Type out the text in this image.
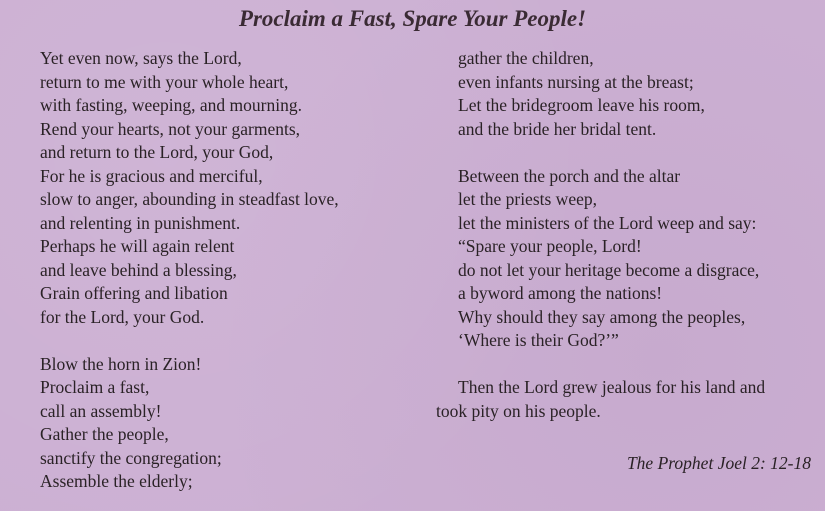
Proclaim a Fast, Spare Your People!
Yet even now, says the Lord,
return to me with your whole heart,
with fasting, weeping, and mourning.
Rend your hearts, not your garments,
and return to the Lord, your God,
For he is gracious and merciful,
slow to anger, abounding in steadfast love,
and relenting in punishment.
Perhaps he will again relent
and leave behind a blessing,
Grain offering and libation
for the Lord, your God.
Blow the horn in Zion!
Proclaim a fast,
call an assembly!
Gather the people,
sanctify the congregation;
Assemble the elderly;
gather the children,
even infants nursing at the breast;
Let the bridegroom leave his room,
and the bride her bridal tent.
Between the porch and the altar
let the priests weep,
let the ministers of the Lord weep and say:
“Spare your people, Lord!
do not let your heritage become a disgrace,
a byword among the nations!
Why should they say among the peoples,
‘Where is their God?’”
Then the Lord grew jealous for his land and
took pity on his people.
The Prophet Joel 2: 12-18
